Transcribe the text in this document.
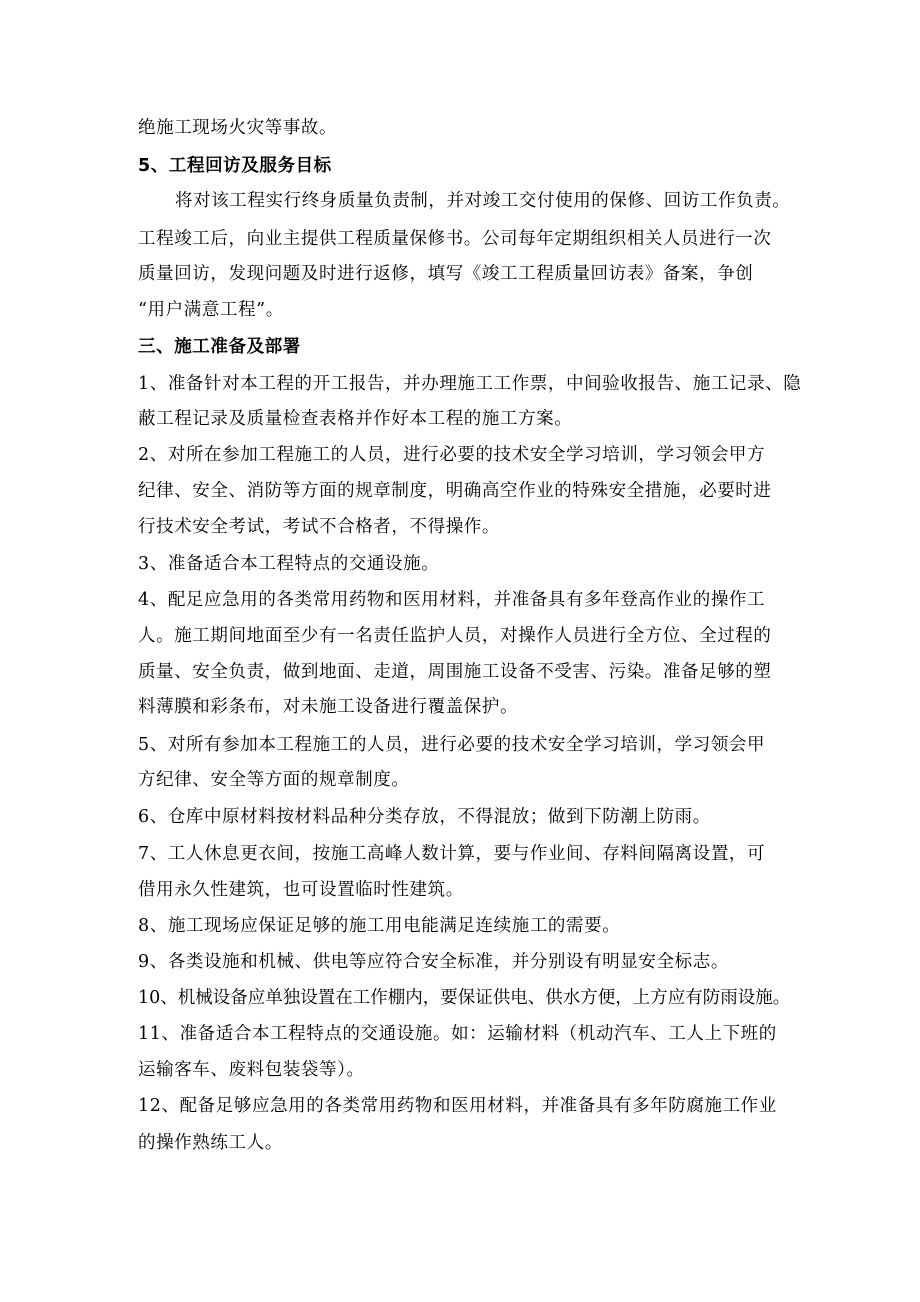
绝施工现场火灾等事故。
5、工程回访及服务目标
将对该工程实行终身质量负责制，并对竣工交付使用的保修、回访工作负责。
工程竣工后，向业主提供工程质量保修书。公司每年定期组织相关人员进行一次
质量回访，发现问题及时进行返修，填写《竣工工程质量回访表》备案，争创
“用户满意工程”。
三、施工准备及部署
1、准备针对本工程的开工报告，并办理施工工作票，中间验收报告、施工记录、隐
蔽工程记录及质量检查表格并作好本工程的施工方案。
2、对所在参加工程施工的人员，进行必要的技术安全学习培训，学习领会甲方
纪律、安全、消防等方面的规章制度，明确高空作业的特殊安全措施，必要时进
行技术安全考试，考试不合格者，不得操作。
3、准备适合本工程特点的交通设施。
4、配足应急用的各类常用药物和医用材料，并准备具有多年登高作业的操作工
人。施工期间地面至少有一名责任监护人员，对操作人员进行全方位、全过程的
质量、安全负责，做到地面、走道，周围施工设备不受害、污染。准备足够的塑
料薄膜和彩条布，对未施工设备进行覆盖保护。
5、对所有参加本工程施工的人员，进行必要的技术安全学习培训，学习领会甲
方纪律、安全等方面的规章制度。
6、仓库中原材料按材料品种分类存放，不得混放；做到下防潮上防雨。
7、工人休息更衣间，按施工高峰人数计算，要与作业间、存料间隔离设置，可
借用永久性建筑，也可设置临时性建筑。
8、施工现场应保证足够的施工用电能满足连续施工的需要。
9、各类设施和机械、供电等应符合安全标准，并分别设有明显安全标志。
10、机械设备应单独设置在工作棚内，要保证供电、供水方便，上方应有防雨设施。
11、准备适合本工程特点的交通设施。如：运输材料（机动汽车、工人上下班的
运输客车、废料包装袋等）。
12、配备足够应急用的各类常用药物和医用材料，并准备具有多年防腐施工作业
的操作熟练工人。
